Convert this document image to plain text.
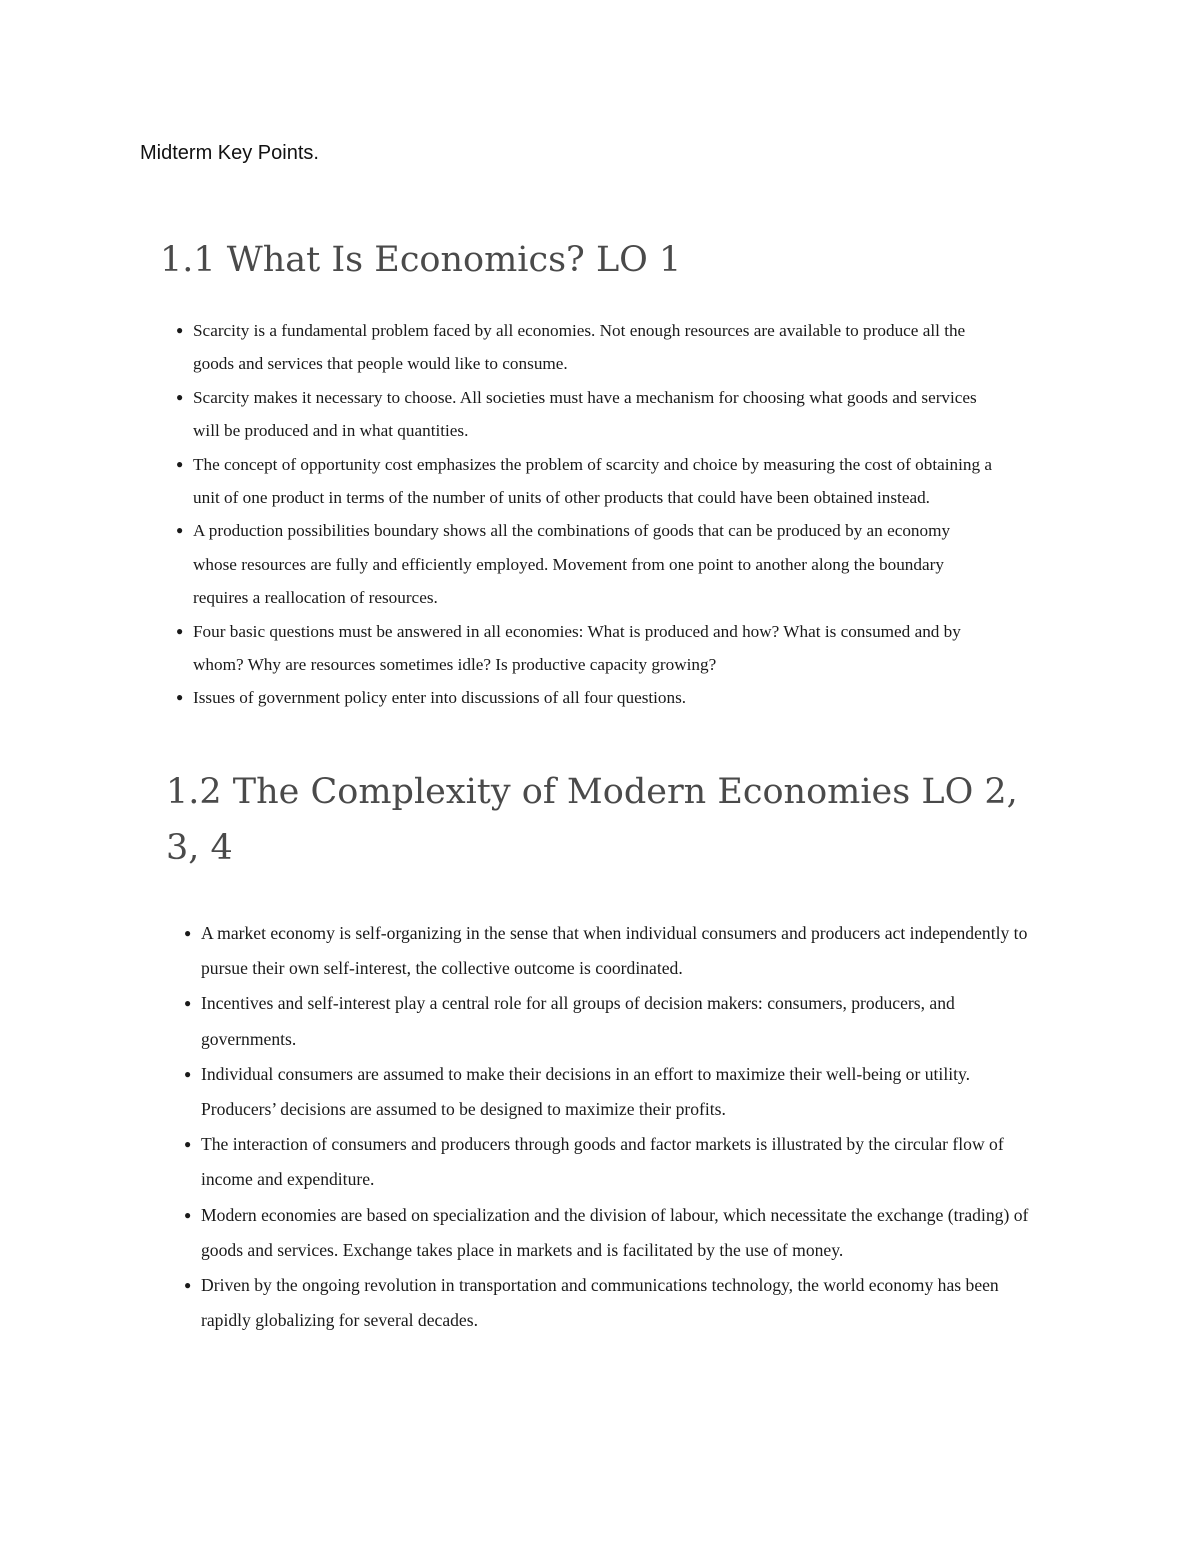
Midterm Key Points.
1.1 What Is Economics? LO 1
● Scarcity is a fundamental problem faced by all economies. Not enough resources are available to produce all the goods and services that people would like to consume.
● Scarcity makes it necessary to choose. All societies must have a mechanism for choosing what goods and services will be produced and in what quantities.
● The concept of opportunity cost emphasizes the problem of scarcity and choice by measuring the cost of obtaining a unit of one product in terms of the number of units of other products that could have been obtained instead.
● A production possibilities boundary shows all the combinations of goods that can be produced by an economy whose resources are fully and efficiently employed. Movement from one point to another along the boundary requires a reallocation of resources.
● Four basic questions must be answered in all economies: What is produced and how? What is consumed and by whom? Why are resources sometimes idle? Is productive capacity growing?
● Issues of government policy enter into discussions of all four questions.
1.2 The Complexity of Modern Economies LO 2, 3, 4
● A market economy is self-organizing in the sense that when individual consumers and producers act independently to pursue their own self-interest, the collective outcome is coordinated.
● Incentives and self-interest play a central role for all groups of decision makers: consumers, producers, and governments.
● Individual consumers are assumed to make their decisions in an effort to maximize their well-being or utility. Producers’ decisions are assumed to be designed to maximize their profits.
● The interaction of consumers and producers through goods and factor markets is illustrated by the circular flow of income and expenditure.
● Modern economies are based on specialization and the division of labour, which necessitate the exchange (trading) of goods and services. Exchange takes place in markets and is facilitated by the use of money.
● Driven by the ongoing revolution in transportation and communications technology, the world economy has been rapidly globalizing for several decades.
